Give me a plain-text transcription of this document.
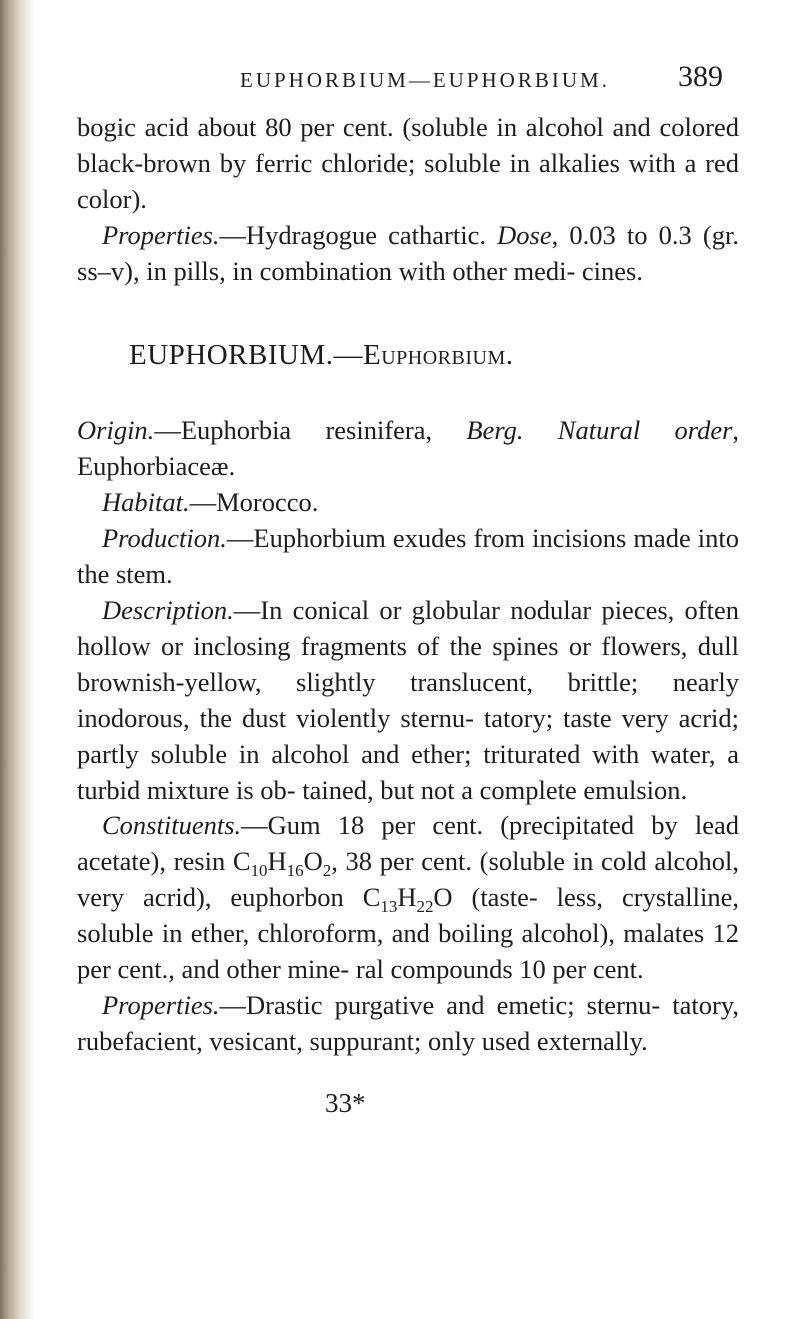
EUPHORBIUM—EUPHORBIUM. 389

bogic acid about 80 per cent. (soluble in alcohol and colored black-brown by ferric chloride; soluble in alkalies with a red color).

Properties.—Hydragogue cathartic. Dose, 0.03 to 0.3 (gr. ss–v), in pills, in combination with other medi- cines.

EUPHORBIUM.—Euphorbium.

Origin.—Euphorbia resinifera, Berg. Natural order, Euphorbiaceæ.

Habitat.—Morocco.

Production.—Euphorbium exudes from incisions made into the stem.

Description.—In conical or globular nodular pieces, often hollow or inclosing fragments of the spines or flowers, dull brownish-yellow, slightly translucent, brittle; nearly inodorous, the dust violently sternu- tatory; taste very acrid; partly soluble in alcohol and ether; triturated with water, a turbid mixture is ob- tained, but not a complete emulsion.

Constituents.—Gum 18 per cent. (precipitated by lead acetate), resin $C_{10}H_{16}O_2$, 38 per cent. (soluble in cold alcohol, very acrid), euphorbon $C_{13}H_{22}O$ (taste- less, crystalline, soluble in ether, chloroform, and boiling alcohol), malates 12 per cent., and other mine- ral compounds 10 per cent.

Properties.—Drastic purgative and emetic; sternu- tatory, rubefacient, vesicant, suppurant; only used externally.

33*
